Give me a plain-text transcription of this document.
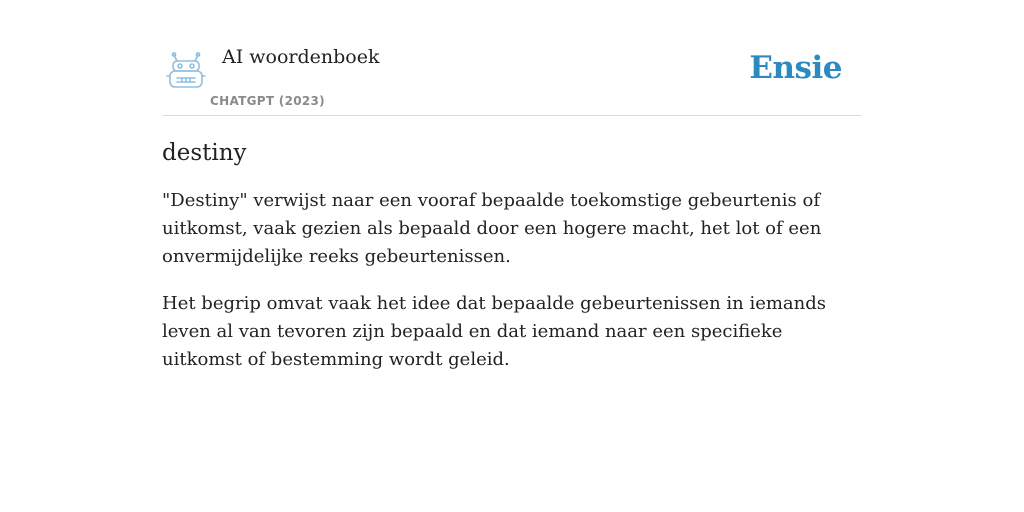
AI woordenboek
CHATGPT (2023)
Ensie
destiny

"Destiny" verwijst naar een vooraf bepaalde toekomstige gebeurtenis of uitkomst, vaak gezien als bepaald door een hogere macht, het lot of een onvermijdelijke reeks gebeurtenissen.

Het begrip omvat vaak het idee dat bepaalde gebeurtenissen in iemands leven al van tevoren zijn bepaald en dat iemand naar een specifieke uitkomst of bestemming wordt geleid.
